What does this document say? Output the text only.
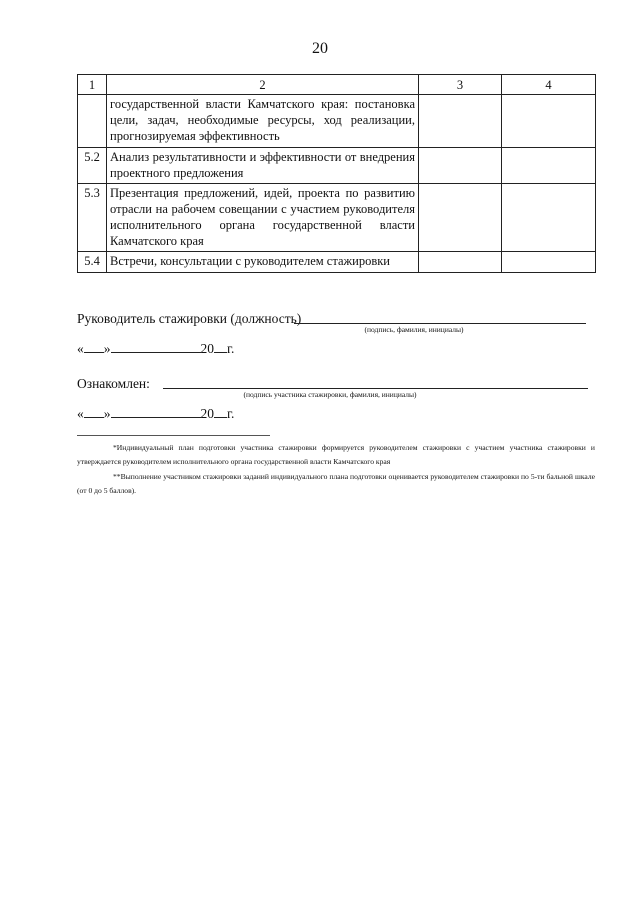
20
1	2	3	4
	государственной власти Камчатского края: постановка цели, задач, необходимые ресурсы, ход реализации, прогнозируемая эффективность		
5.2	Анализ результативности и эффективности от внедрения проектного предложения		
5.3	Презентация предложений, идей, проекта по развитию отрасли на рабочем совещании с участием руководителя исполнительного органа государственной власти Камчатского края		
5.4	Встречи, консультации с руководителем стажировки		
Руководитель стажировки (должность)
(подпись, фамилия, инициалы)
« »	20 г.
Ознакомлен:
(подпись участника стажировки, фамилия, инициалы)
« »	20 г.
*Индивидуальный план подготовки участника стажировки формируется руководителем стажировки с участием участника стажировки и утверждается руководителем исполнительного органа государственной власти Камчатского края
**Выполнение участником стажировки заданий индивидуального плана подготовки оценивается руководителем стажировки по 5-ти бальной шкале (от 0 до 5 баллов).
